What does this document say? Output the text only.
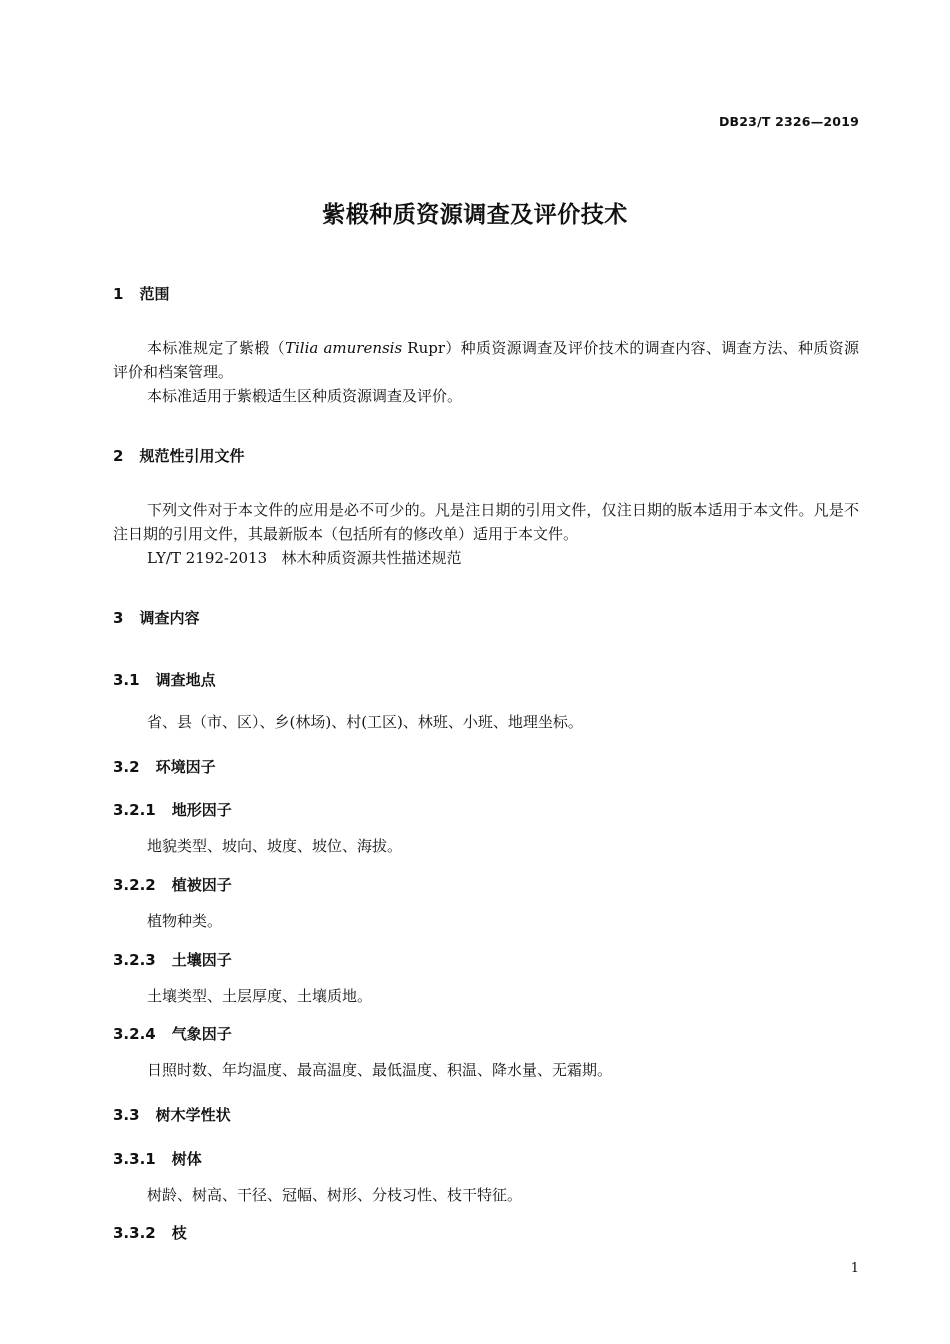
DB23/T 2326—2019
紫椴种质资源调查及评价技术
1 范围

本标准规定了紫椴（Tilia amurensis Rupr）种质资源调查及评价技术的调查内容、调查方法、种质资源评价和档案管理。

本标准适用于紫椴适生区种质资源调查及评价。

2 规范性引用文件

下列文件对于本文件的应用是必不可少的。凡是注日期的引用文件，仅注日期的版本适用于本文件。凡是不注日期的引用文件，其最新版本（包括所有的修改单）适用于本文件。

LY/T 2192-2013 林木种质资源共性描述规范

3 调查内容
3.1 调查地点

省、县（市、区）、乡(林场)、村(工区)、林班、小班、地理坐标。

3.2 环境因子
3.2.1 地形因子

地貌类型、坡向、坡度、坡位、海拔。

3.2.2 植被因子

植物种类。

3.2.3 土壤因子

土壤类型、土层厚度、土壤质地。

3.2.4 气象因子

日照时数、年均温度、最高温度、最低温度、积温、降水量、无霜期。

3.3 树木学性状
3.3.1 树体

树龄、树高、干径、冠幅、树形、分枝习性、枝干特征。

3.3.2 枝
1
